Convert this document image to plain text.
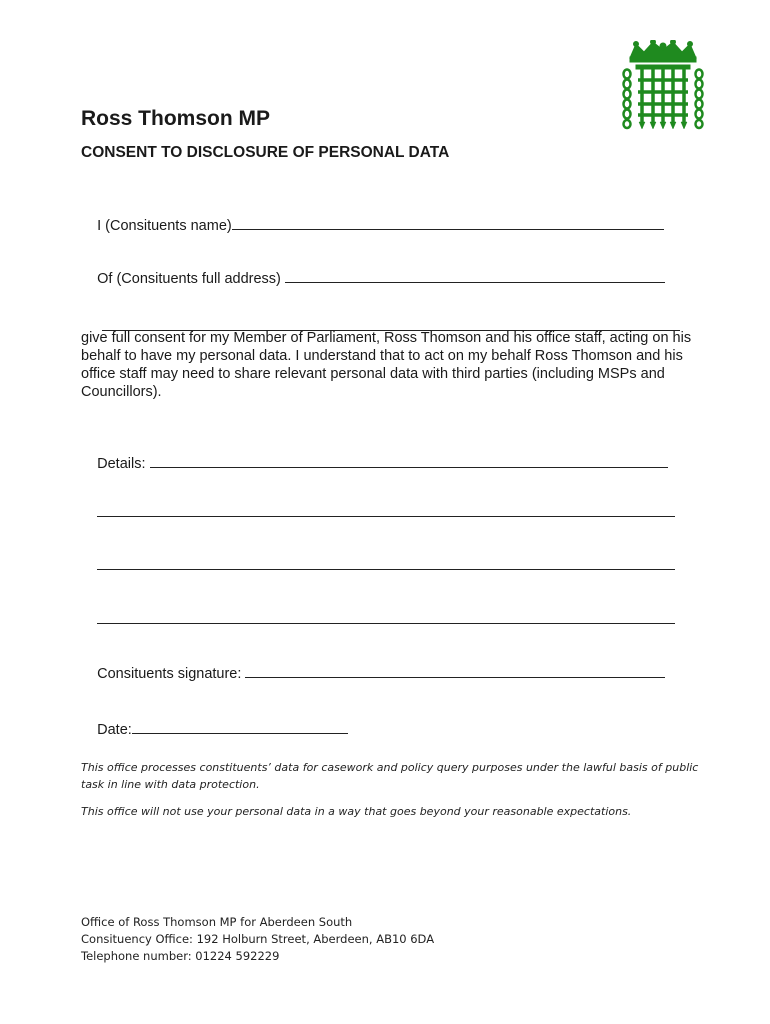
Ross Thomson MP
CONSENT TO DISCLOSURE OF PERSONAL DATA

I (Consituents name)

Of (Consituents full address)

give full consent for my Member of Parliament, Ross Thomson and his office staff, acting on his behalf to have my personal data. I understand that to act on my behalf Ross Thomson and his office staff may need to share relevant personal data with third parties (including MSPs and Councillors).

Details:

Consituents signature:

Date:

This office processes constituents’ data for casework and policy query purposes under the lawful basis of public task in line with data protection.

This office will not use your personal data in a way that goes beyond your reasonable expectations.

Office of Ross Thomson MP for Aberdeen South
Consituency Office: 192 Holburn Street, Aberdeen, AB10 6DA
Telephone number: 01224 592229
